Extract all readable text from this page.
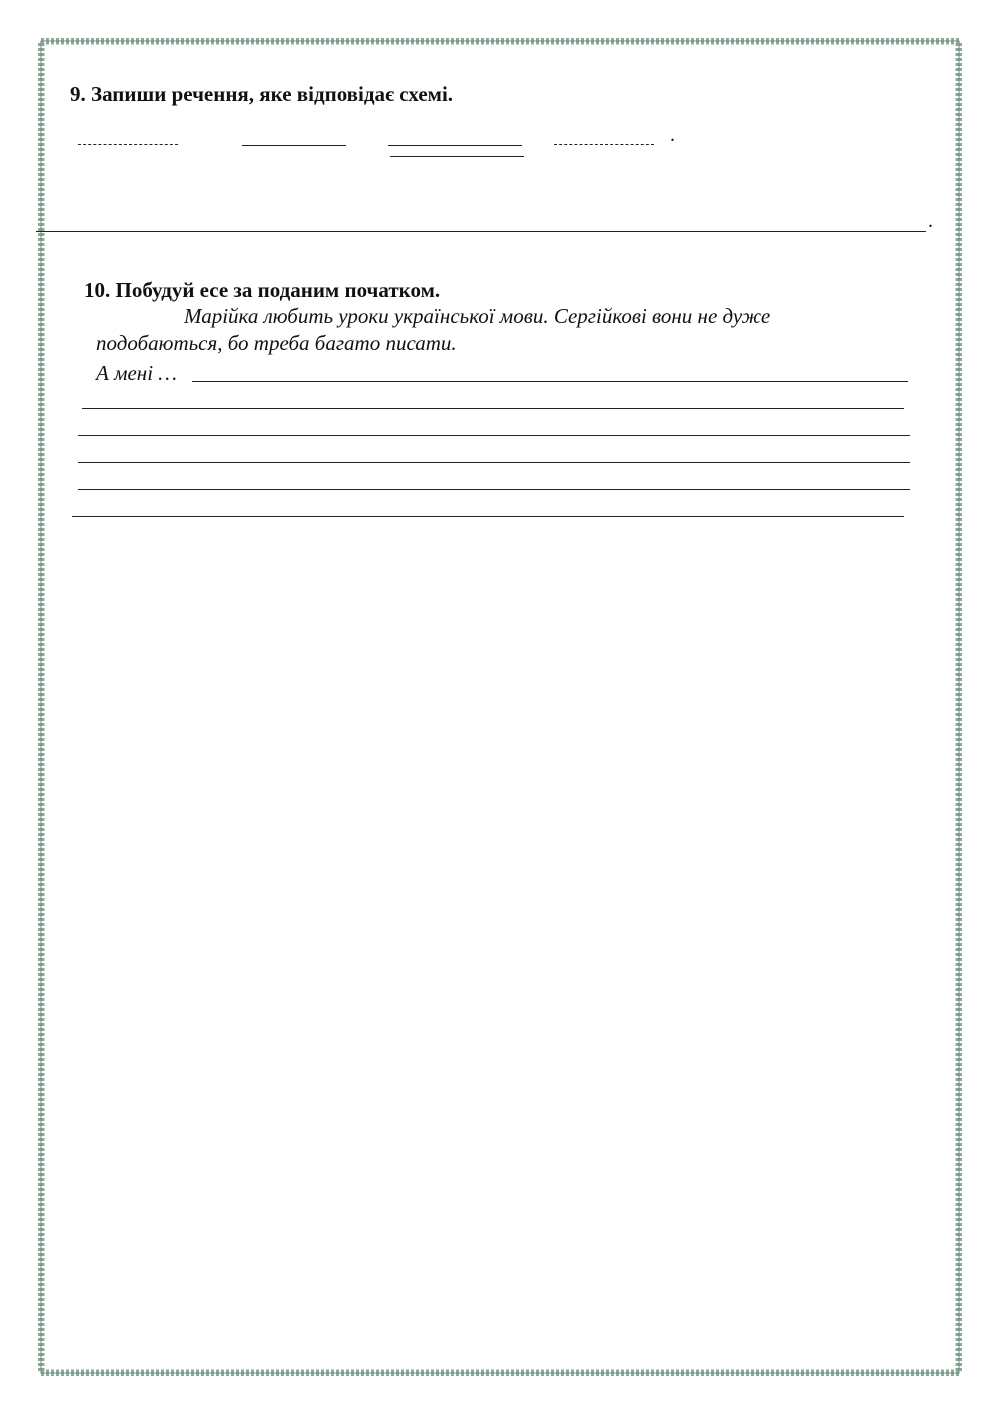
9. Запиши речення, яке відповідає схемі.
.
.
10. Побудуй есе за поданим початком.
Марійка любить уроки української мови. Сергійкові вони не дуже
подобаються, бо треба багато писати.
А мені …
